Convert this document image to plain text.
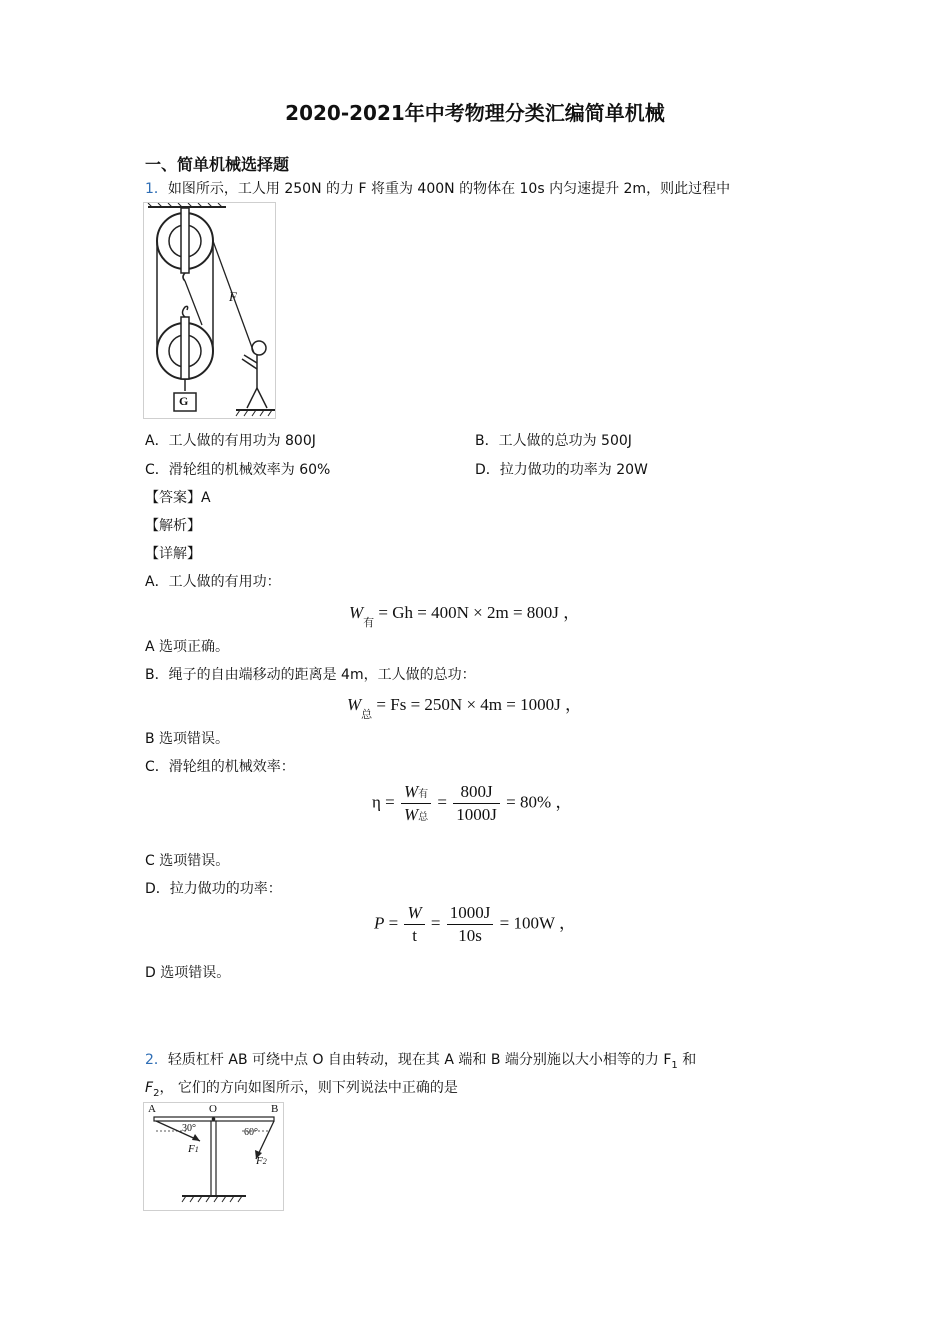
2020-2021年中考物理分类汇编简单机械
一、简单机械选择题
1．如图所示，工人用 250N 的力 F 将重为 400N 的物体在 10s 内匀速提升 2m，则此过程中
F
G
A．工人做的有用功为 800J	B．工人做的总功为 500J
C．滑轮组的机械效率为 60%	D．拉力做功的功率为 20W
【答案】A
【解析】
【详解】
A．工人做的有用功：
$W_有 = Gh = 400N \times 2m = 800J$ ，
A 选项正确。
B．绳子的自由端移动的距离是 4m，工人做的总功：
$W_总 = Fs = 250N \times 4m = 1000J$ ，
B 选项错误。
C．滑轮组的机械效率：
$\eta = \frac{\text{W有}}{\text{W总}} = \frac{800J}{1000J} = 80\%$ ，
C 选项错误。
D．拉力做功的功率：
$P = \frac{W}{t} = \frac{1000J}{10s} = 100W$ ，
D 选项错误。
2．轻质杠杆 AB 可绕中点 O 自由转动，现在其 A 端和 B 端分别施以大小相等的力 $F_1$ 和
$F_2$， 它们的方向如图所示，则下列说法中正确的是
A	O	B
30°	60°
F1
F2
